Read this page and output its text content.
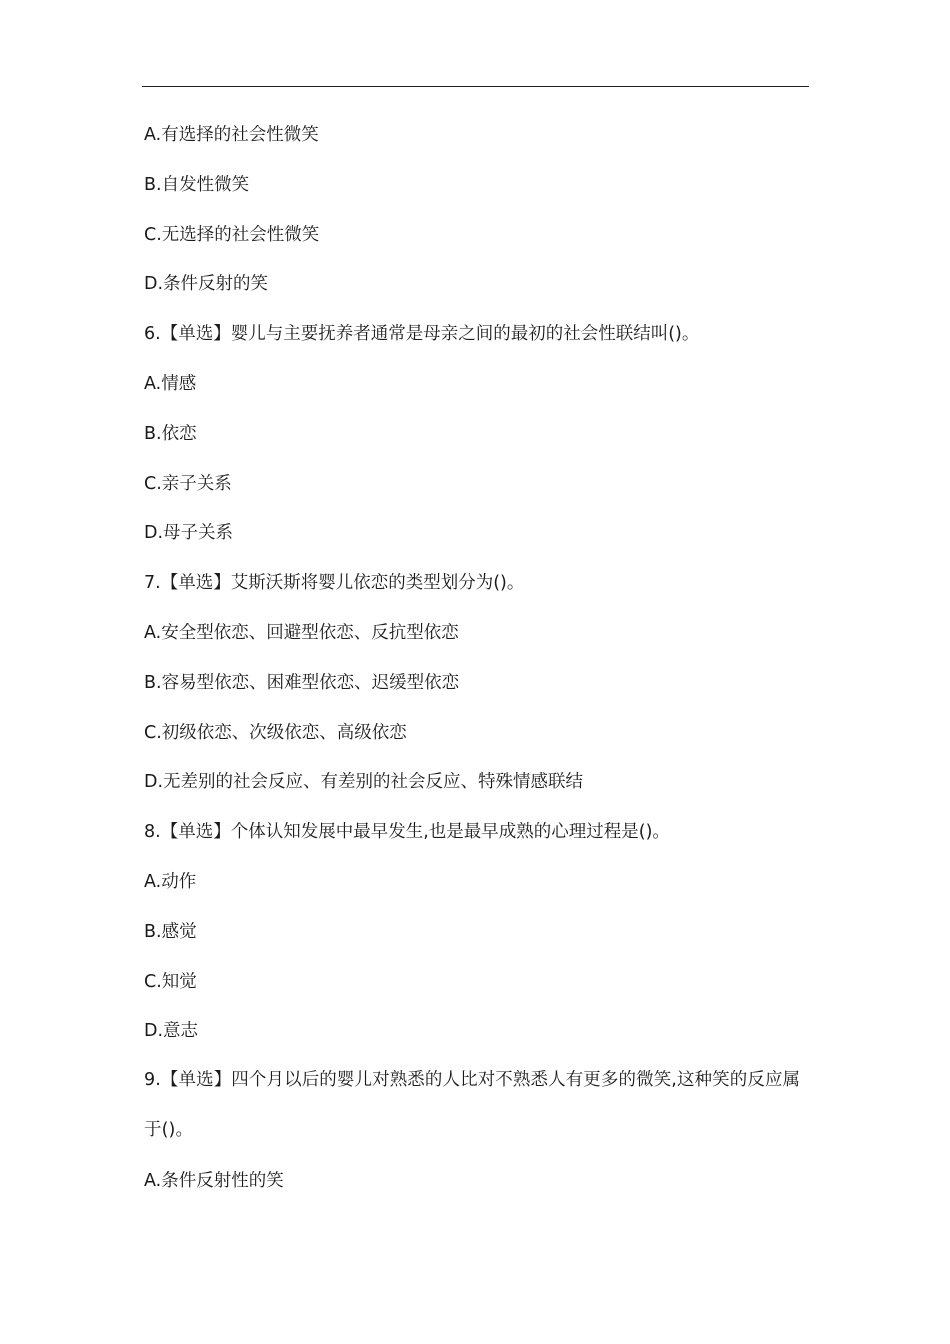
A.有选择的社会性微笑
B.自发性微笑
C.无选择的社会性微笑
D.条件反射的笑
6.【单选】婴儿与主要抚养者通常是母亲之间的最初的社会性联结叫()。
A.情感
B.依恋
C.亲子关系
D.母子关系
7.【单选】艾斯沃斯将婴儿依恋的类型划分为()。
A.安全型依恋、回避型依恋、反抗型依恋
B.容易型依恋、困难型依恋、迟缓型依恋
C.初级依恋、次级依恋、高级依恋
D.无差别的社会反应、有差别的社会反应、特殊情感联结
8.【单选】个体认知发展中最早发生,也是最早成熟的心理过程是()。
A.动作
B.感觉
C.知觉
D.意志
9.【单选】四个月以后的婴儿对熟悉的人比对不熟悉人有更多的微笑,这种笑的反应属于()。
A.条件反射性的笑
